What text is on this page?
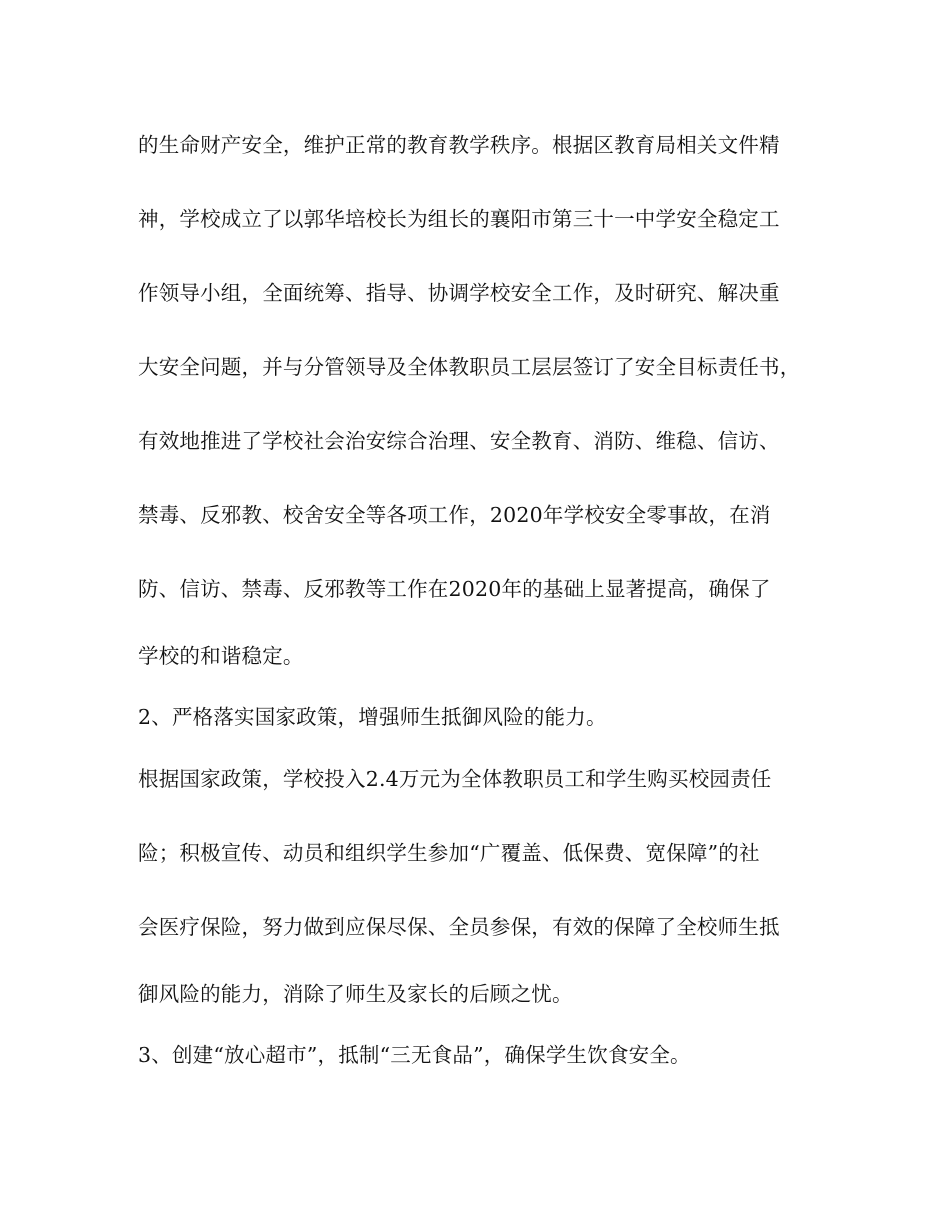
的生命财产安全，维护正常的教育教学秩序。根据区教育局相关文件精
神，学校成立了以郭华培校长为组长的襄阳市第三十一中学安全稳定工
作领导小组，全面统筹、指导、协调学校安全工作，及时研究、解决重
大安全问题，并与分管领导及全体教职员工层层签订了安全目标责任书，
有效地推进了学校社会治安综合治理、安全教育、消防、维稳、信访、
禁毒、反邪教、校舍安全等各项工作，2020年学校安全零事故，在消
防、信访、禁毒、反邪教等工作在2020年的基础上显著提高，确保了
学校的和谐稳定。
2、严格落实国家政策，增强师生抵御风险的能力。
根据国家政策，学校投入2.4万元为全体教职员工和学生购买校园责任
险；积极宣传、动员和组织学生参加“广覆盖、低保费、宽保障”的社
会医疗保险，努力做到应保尽保、全员参保，有效的保障了全校师生抵
御风险的能力，消除了师生及家长的后顾之忧。
3、创建“放心超市”，抵制“三无食品”，确保学生饮食安全。
